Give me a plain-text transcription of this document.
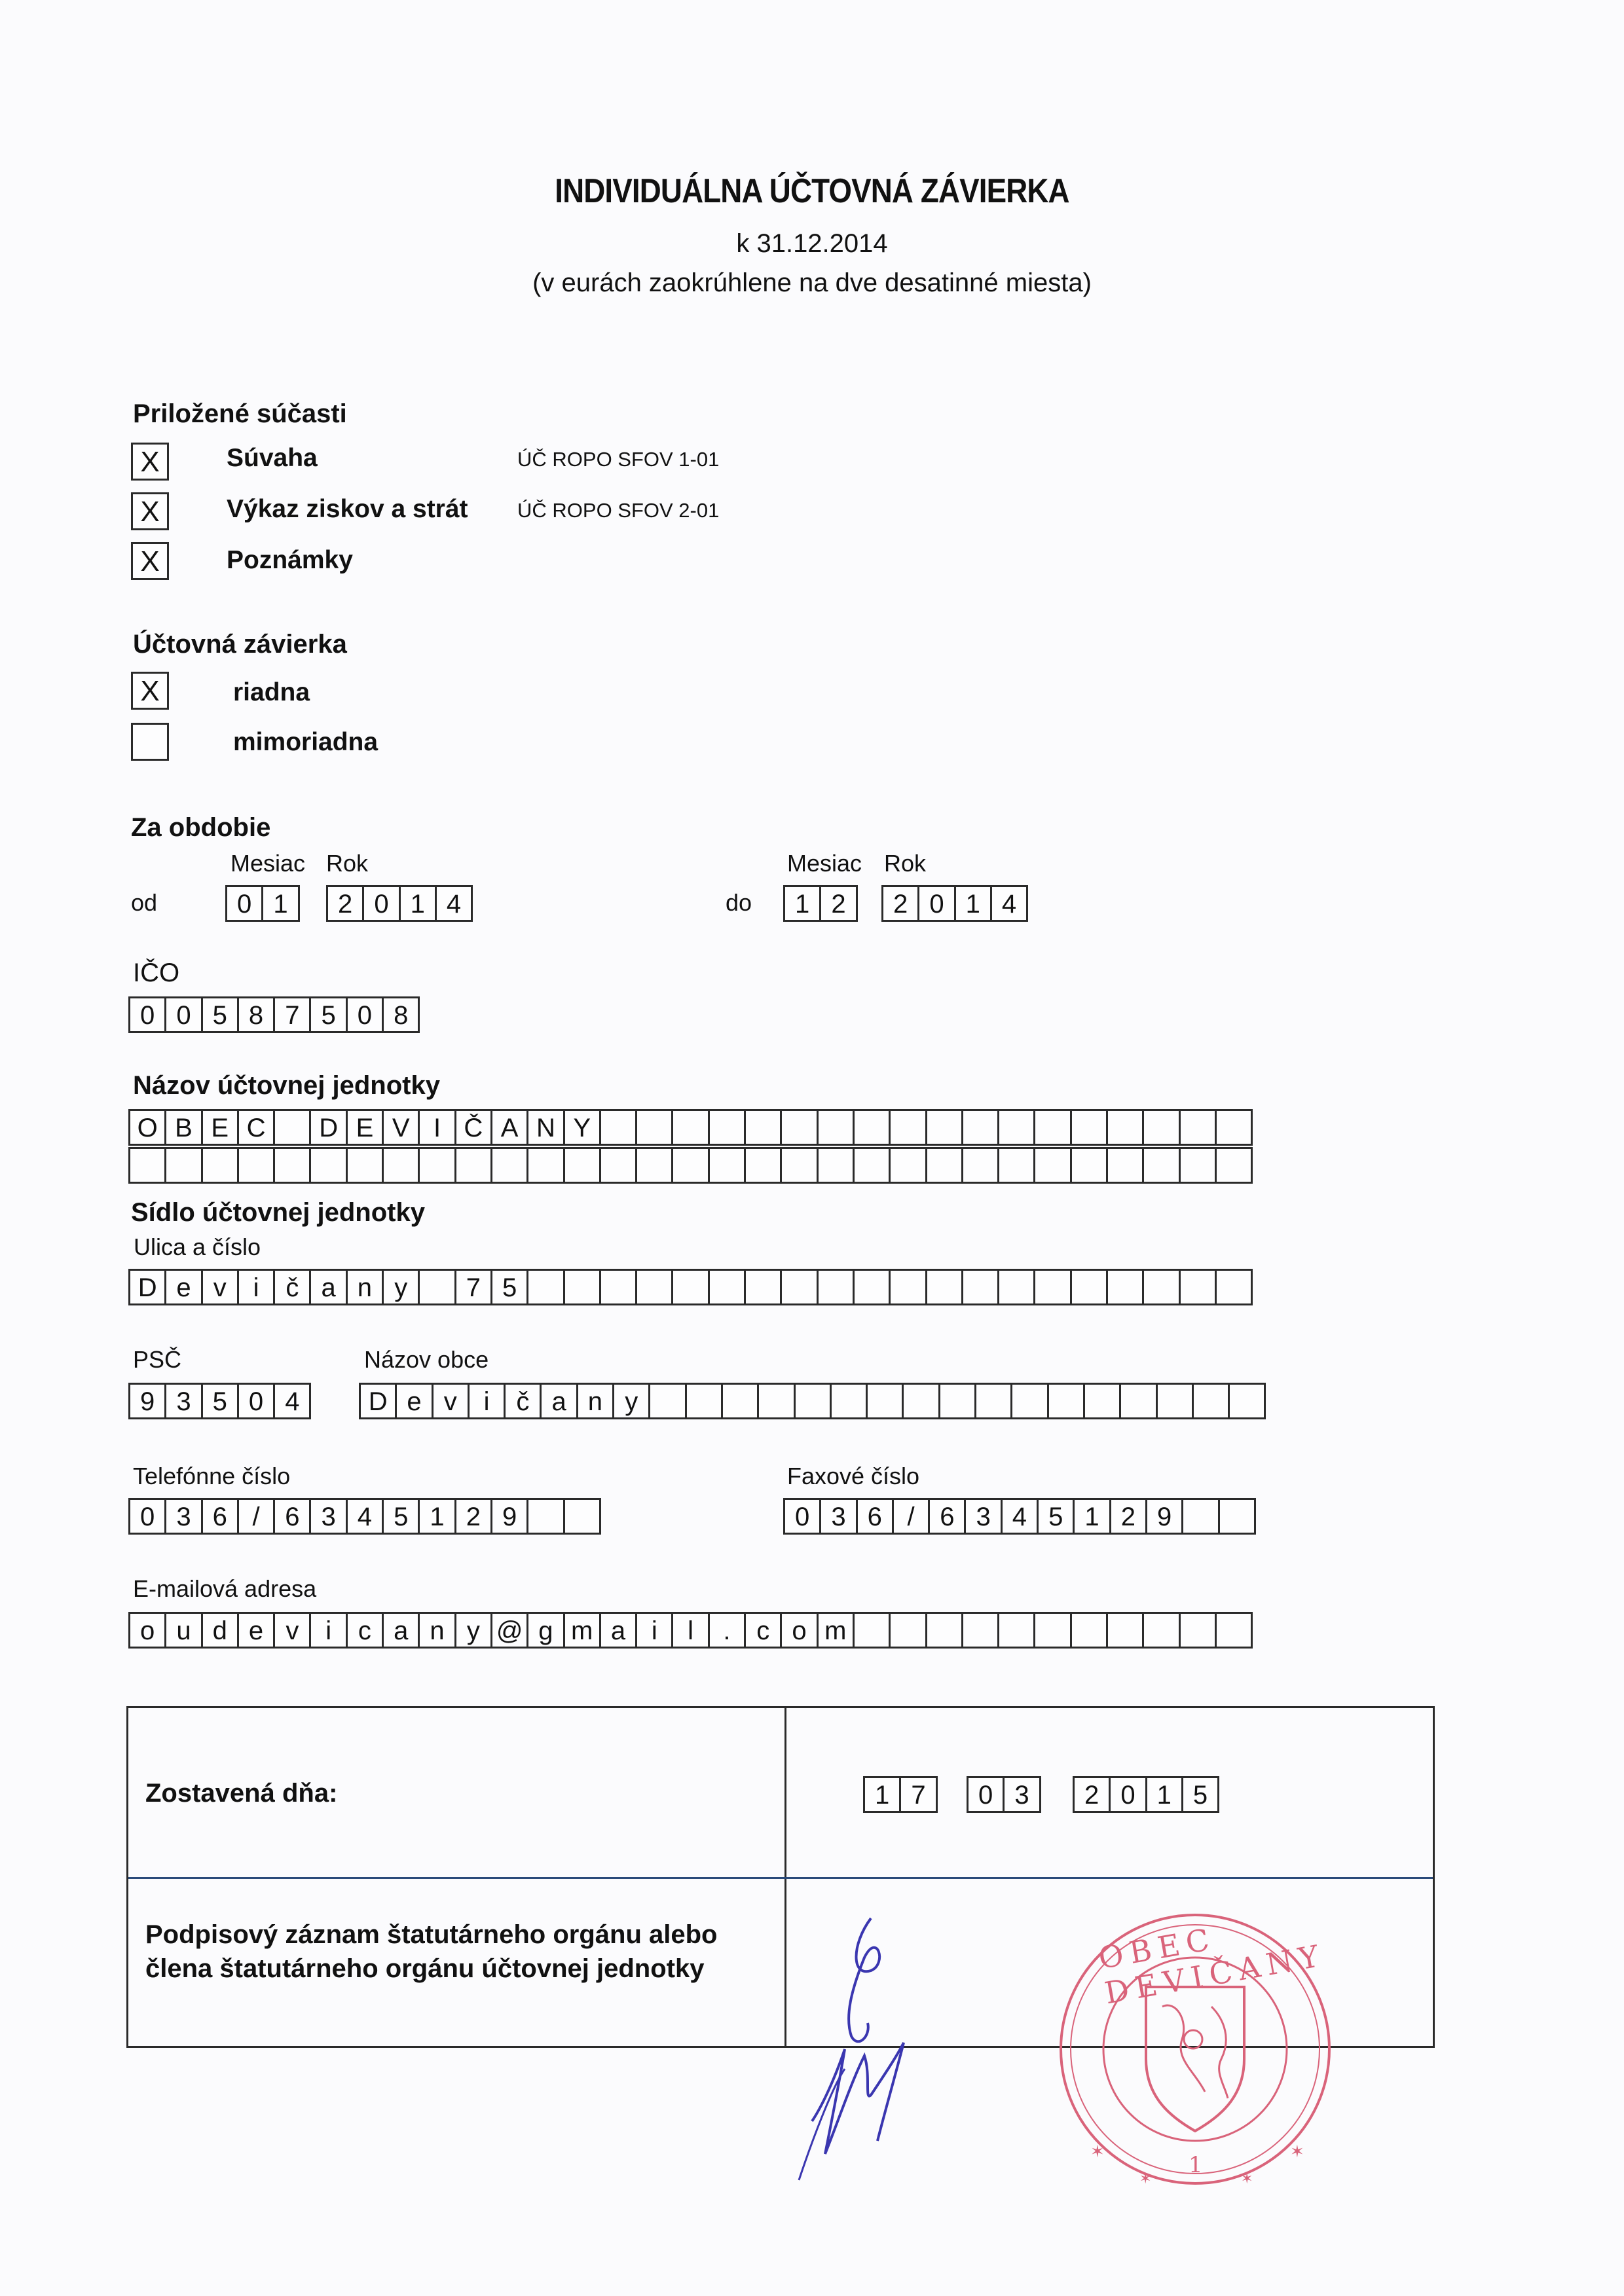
INDIVIDUÁLNA ÚČTOVNÁ ZÁVIERKA
k 31.12.2014
(v eurách zaokrúhlene na dve desatinné miesta)
Priložené súčasti
X	Súvaha	ÚČ ROPO SFOV 1-01
X	Výkaz ziskov a strát ÚČ ROPO SFOV 2-01
X	Poznámky
Účtovná závierka
X	riadna
mimoriadna
Za obdobie
Mesiac Rok
od	0 1	2 0 1 4
Mesiac Rok
do	1 2	2 0 1 4
IČO
0 0 5 8 7 5 0 8
Názov účtovnej jednotky
O B E C	D E V I Č A N Y
Sídlo účtovnej jednotky
Ulica a číslo
D e v	i	č a n y	7 5
PSČ
9 3 5 0 4
Názov obce
D e v	i	č a n y
Telefónne číslo
0 3 6 / 6 3 4 5 1 2 9
Faxové číslo
0 3 6 / 6 3 4 5 1 2 9
E-mailová adresa
o u d e v	i	c a n y @ g m a i	l	. c o m
Zostavená dňa:	1 7	0 3	2 0 1 5
Podpisový záznam štatutárneho orgánu alebo
člena štatutárneho orgánu účtovnej jednotky
✶	✶
✶	✶
OBEC DEVIČANY
1
